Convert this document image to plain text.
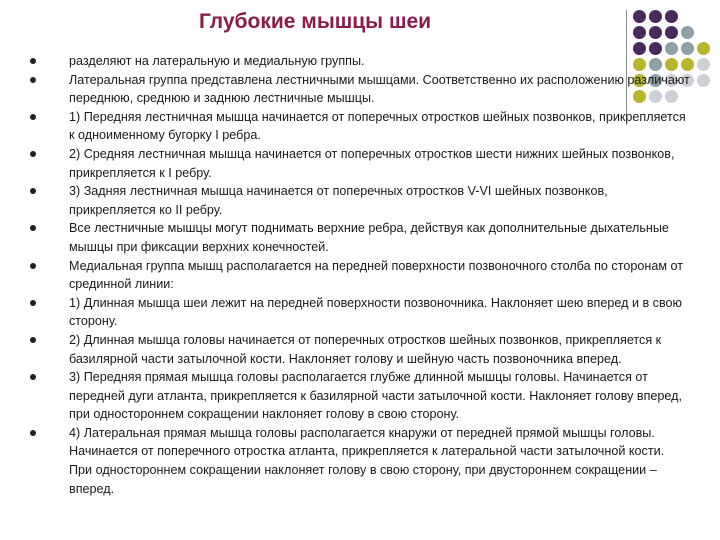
Глубокие мышцы шеи
разделяют на латеральную и медиальную группы.
Латеральная группа представлена лестничными мышцами. Соответственно их расположению различают переднюю, среднюю и заднюю лестничные мышцы.
1) Передняя лестничная мышца начинается от поперечных отростков шейных позвонков, прикрепляется к одноименному бугорку I ребра.
2) Средняя лестничная мышца начинается от поперечных отростков шести нижних шейных позвонков, прикрепляется к I ребру.
3) Задняя лестничная мышца начинается от поперечных отростков V-VI шейных позвонков, прикрепляется ко II ребру.
Все лестничные мышцы могут поднимать верхние ребра, действуя как дополнительные дыхательные мышцы при фиксации верхних конечностей.
Медиальная группа мышц располагается на передней поверхности позвоночного столба по сторонам от срединной линии:
1) Длинная мышца шеи лежит на передней поверхности позвоночника. Наклоняет шею вперед и в свою сторону.
2) Длинная мышца головы начинается от поперечных отростков шейных позвонков, прикрепляется к базилярной части затылочной кости. Наклоняет голову и шейную часть позвоночника вперед.
3) Передняя прямая мышца головы располагается глубже длинной мышцы головы. Начинается от передней дуги атланта, прикрепляется к базилярной части затылочной кости. Наклоняет голову вперед, при одностороннем сокращении наклоняет голову в свою сторону.
4) Латеральная прямая мышца головы располагается кнаружи от передней прямой мышцы головы. Начинается от поперечного отростка атланта, прикрепляется к латеральной части затылочной кости. При одностороннем сокращении наклоняет голову в свою сторону, при двустороннем сокращении – вперед.
